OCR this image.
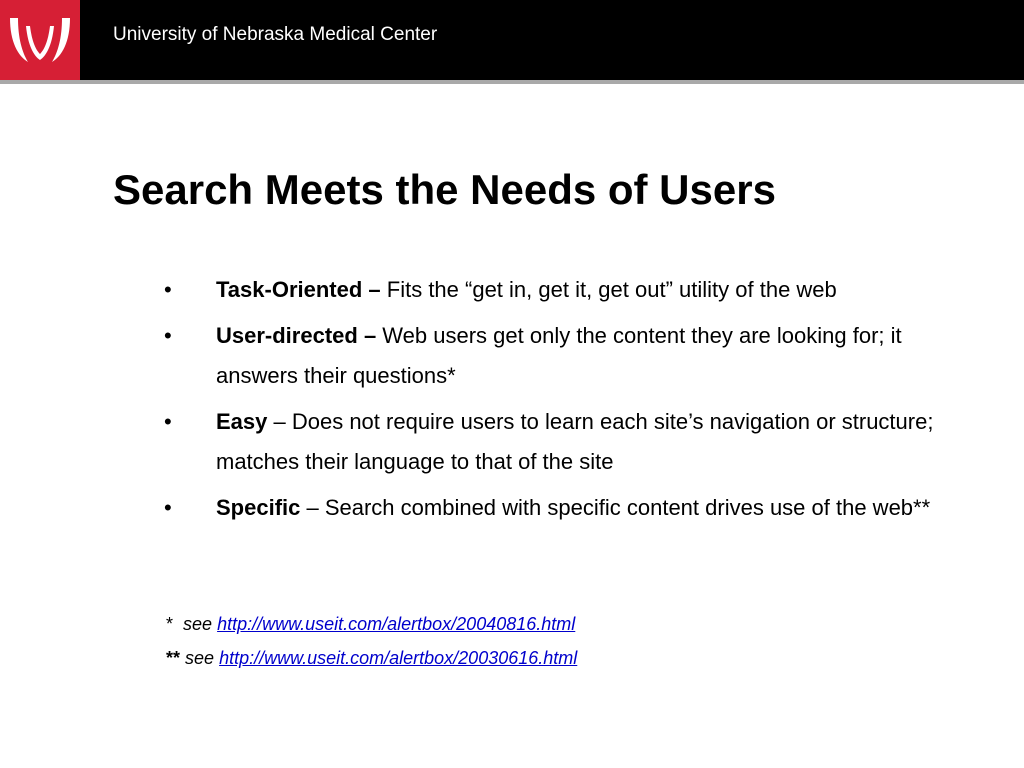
University of Nebraska Medical Center
Search Meets the Needs of Users
•	Task-Oriented – Fits the “get in, get it, get out” utility of the web
•	User-directed – Web users get only the content they are looking for; it answers their questions*
•	Easy – Does not require users to learn each site’s navigation or structure; matches their language to that of the site
•	Specific – Search combined with specific content drives use of the web**
* see http://www.useit.com/alertbox/20040816.html
** see http://www.useit.com/alertbox/20030616.html
